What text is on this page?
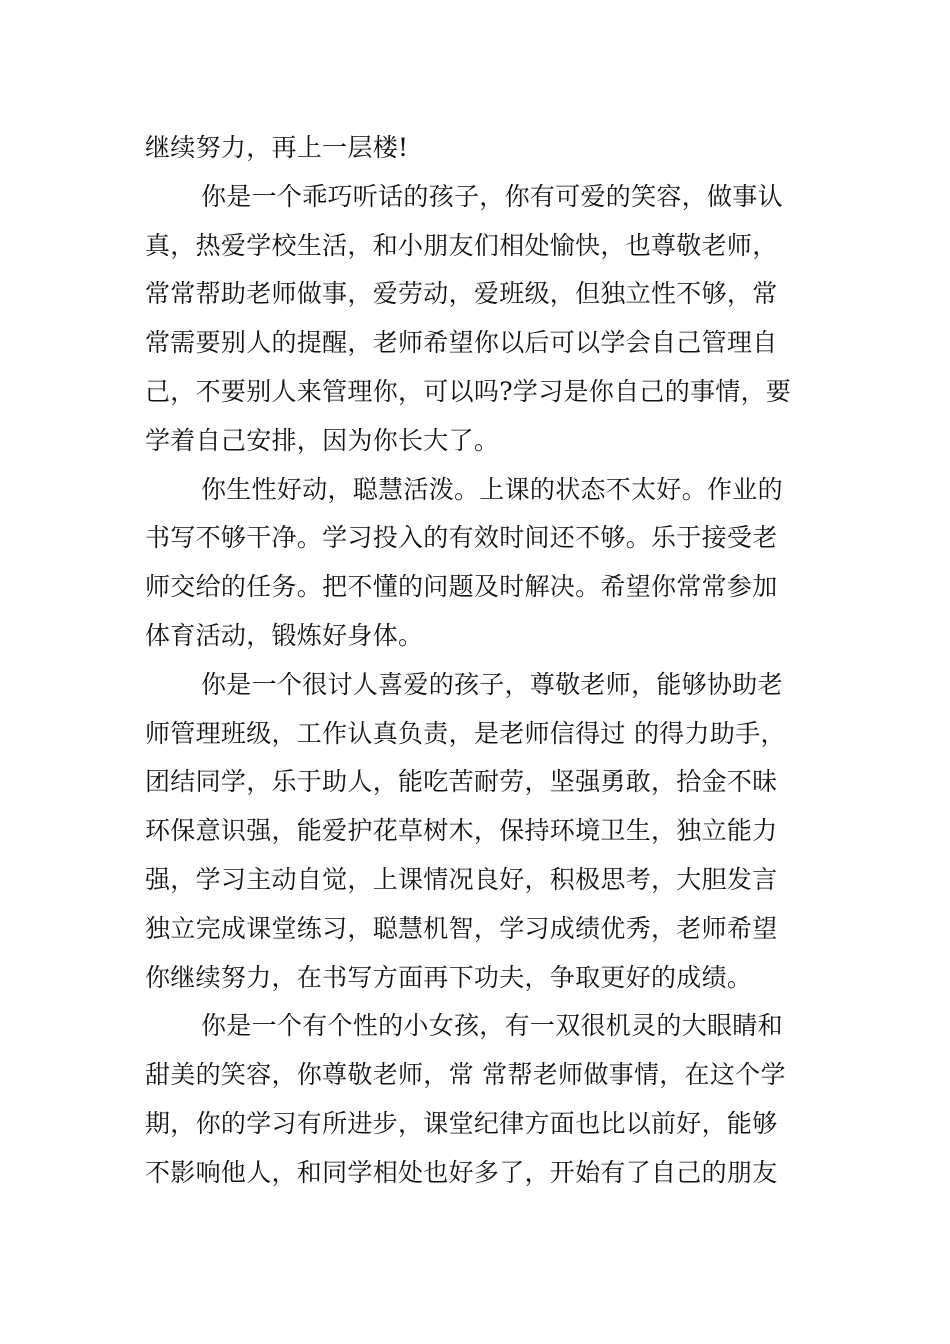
继续努力，再上一层楼!
你是一个乖巧听话的孩子，你有可爱的笑容，做事认
真，热爱学校生活，和小朋友们相处愉快，也尊敬老师，
常常帮助老师做事，爱劳动，爱班级，但独立性不够，常
常需要别人的提醒，老师希望你以后可以学会自己管理自
己，不要别人来管理你，可以吗?学习是你自己的事情，要
学着自己安排，因为你长大了。
你生性好动，聪慧活泼。上课的状态不太好。作业的
书写不够干净。学习投入的有效时间还不够。乐于接受老
师交给的任务。把不懂的问题及时解决。希望你常常参加
体育活动，锻炼好身体。
你是一个很讨人喜爱的孩子，尊敬老师，能够协助老
师管理班级，工作认真负责，是老师信得过 的得力助手，
团结同学，乐于助人，能吃苦耐劳，坚强勇敢，拾金不昧
环保意识强，能爱护花草树木，保持环境卫生，独立能力
强，学习主动自觉，上课情况良好，积极思考，大胆发言
独立完成课堂练习，聪慧机智，学习成绩优秀，老师希望
你继续努力，在书写方面再下功夫，争取更好的成绩。
你是一个有个性的小女孩，有一双很机灵的大眼睛和
甜美的笑容，你尊敬老师，常 常帮老师做事情，在这个学
期，你的学习有所进步，课堂纪律方面也比以前好，能够
不影响他人，和同学相处也好多了，开始有了自己的朋友
